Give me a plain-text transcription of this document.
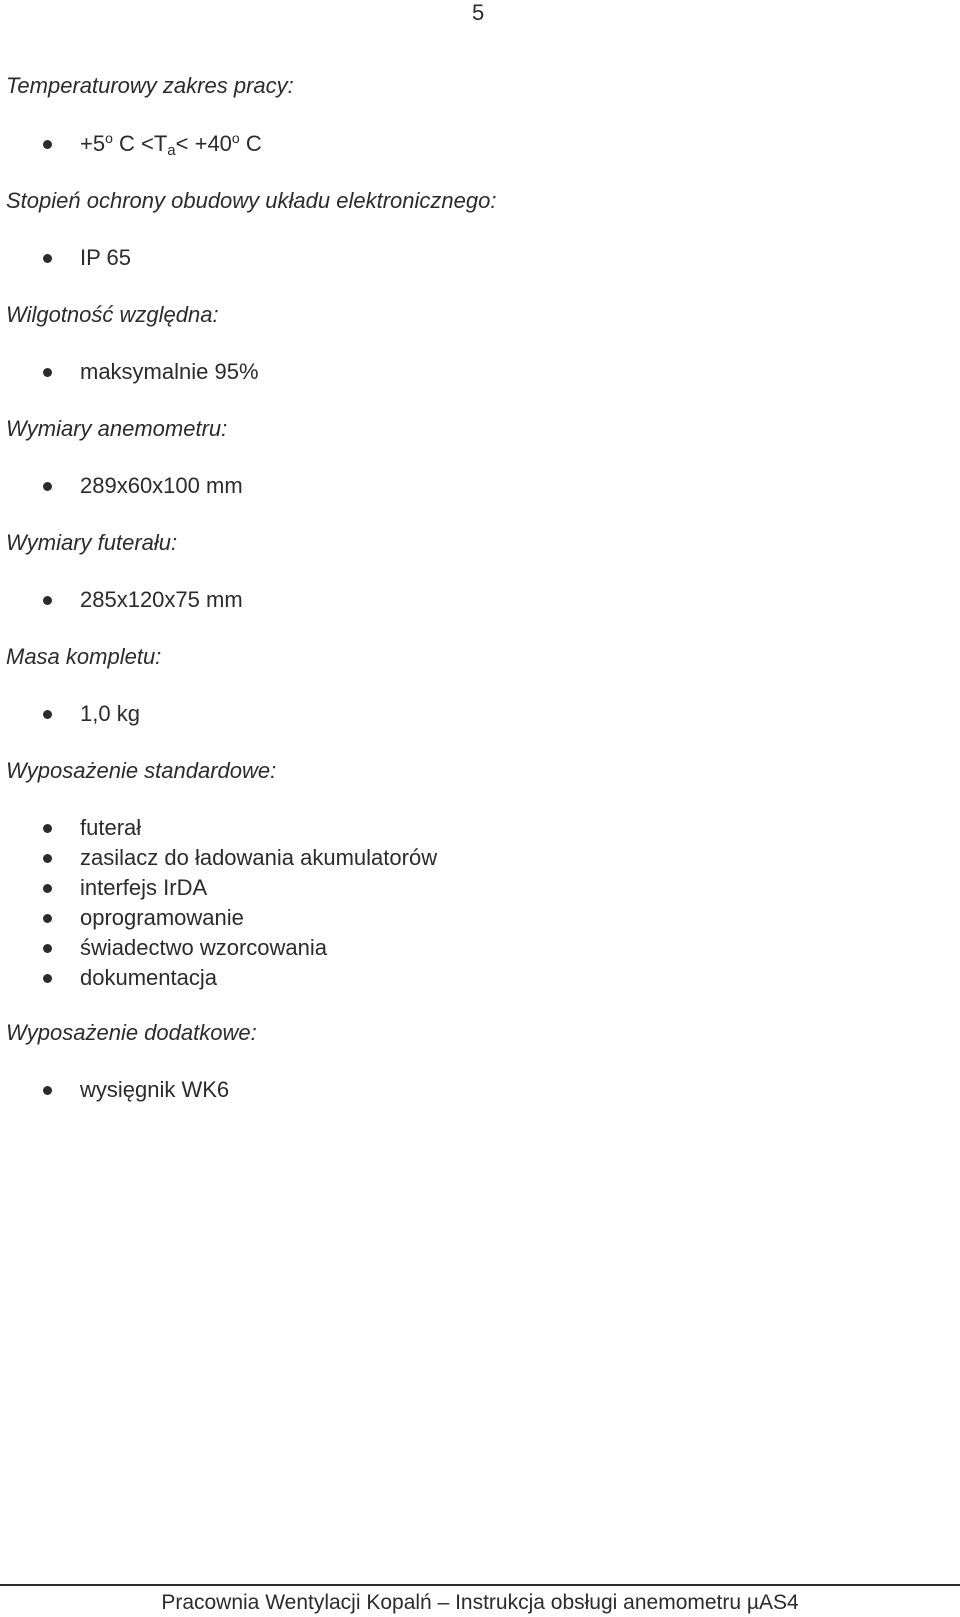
5
Temperaturowy zakres pracy:
$+5^o$ $C <T_a< +40^o$ C
Stopień ochrony obudowy układu elektronicznego:
IP 65
Wilgotność względna:
maksymalnie 95%
Wymiary anemometru:
289x60x100 mm
Wymiary futerału:
285x120x75 mm
Masa kompletu:
1,0 kg
Wyposażenie standardowe:
futerał
zasilacz do ładowania akumulatorów
interfejs IrDA
oprogramowanie
świadectwo wzorcowania
dokumentacja
Wyposażenie dodatkowe:
wysięgnik WK6
Pracownia Wentylacji Kopalń – Instrukcja obsługi anemometru µAS4
